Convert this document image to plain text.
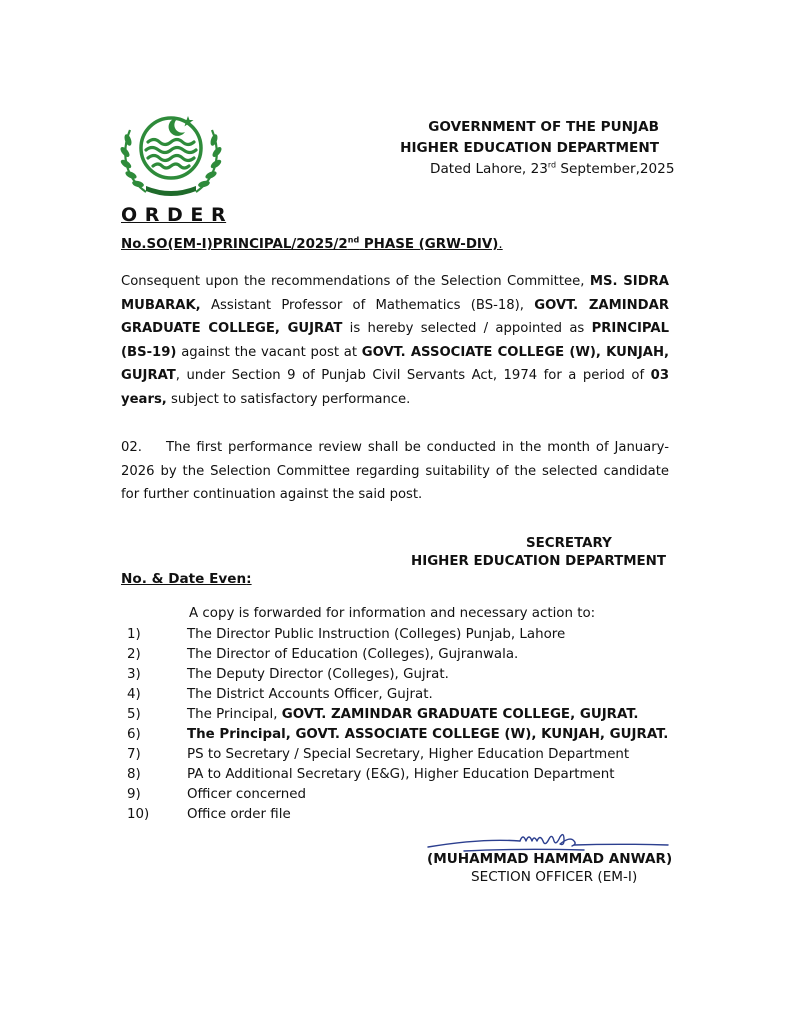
GOVERNMENT OF THE PUNJAB
HIGHER EDUCATION DEPARTMENT
Dated Lahore, 23rd September,2025
O R D E R
No.SO(EM-I)PRINCIPAL/2025/2nd PHASE (GRW-DIV).
Consequent upon the recommendations of the Selection Committee, MS. SIDRA MUBARAK, Assistant Professor of Mathematics (BS-18), GOVT. ZAMINDAR GRADUATE COLLEGE, GUJRAT is hereby selected / appointed as PRINCIPAL (BS-19) against the vacant post at GOVT. ASSOCIATE COLLEGE (W), KUNJAH, GUJRAT, under Section 9 of Punjab Civil Servants Act, 1974 for a period of 03 years, subject to satisfactory performance.
02. The first performance review shall be conducted in the month of January-2026 by the Selection Committee regarding suitability of the selected candidate for further continuation against the said post.
SECRETARY
HIGHER EDUCATION DEPARTMENT
No. & Date Even:
A copy is forwarded for information and necessary action to:
1)	The Director Public Instruction (Colleges) Punjab, Lahore
2)	The Director of Education (Colleges), Gujranwala.
3)	The Deputy Director (Colleges), Gujrat.
4)	The District Accounts Officer, Gujrat.
5)	The Principal, GOVT. ZAMINDAR GRADUATE COLLEGE, GUJRAT.
6)	The Principal, GOVT. ASSOCIATE COLLEGE (W), KUNJAH, GUJRAT.
7)	PS to Secretary / Special Secretary, Higher Education Department
8)	PA to Additional Secretary (E&G), Higher Education Department
9)	Officer concerned
10)	Office order file
(MUHAMMAD HAMMAD ANWAR)
SECTION OFFICER (EM-I)
